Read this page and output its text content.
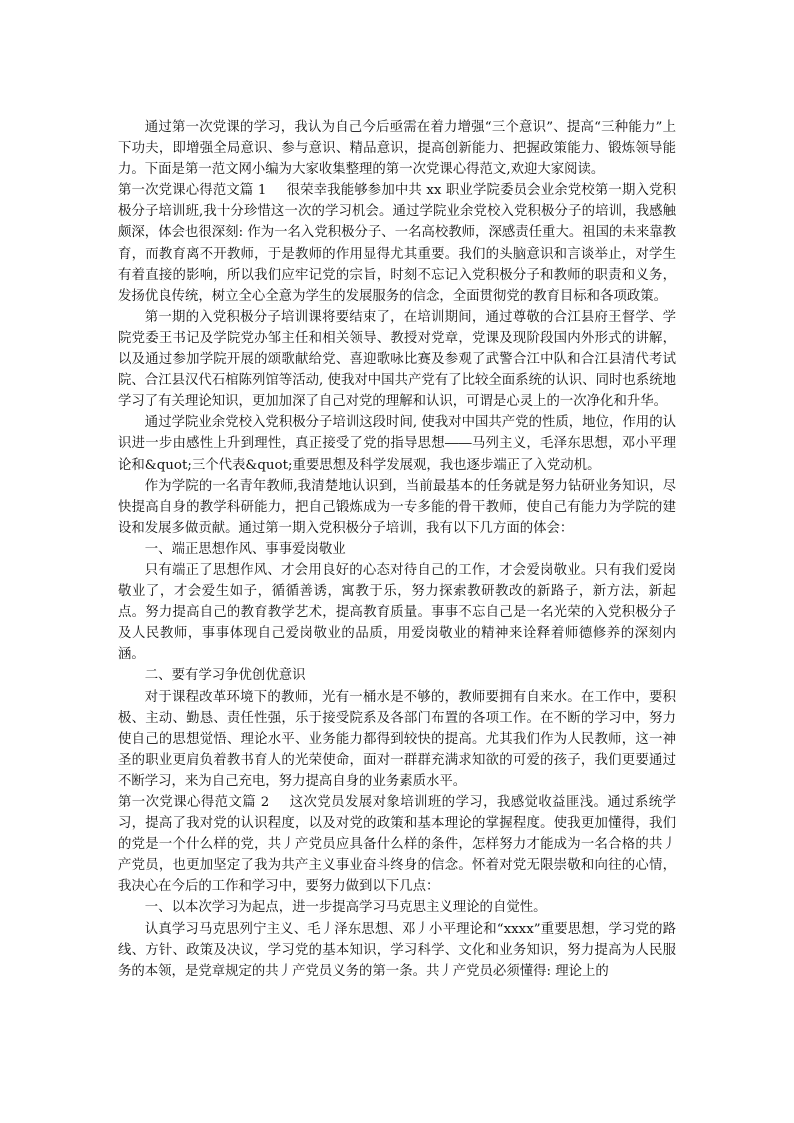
通过第一次党课的学习，我认为自己今后亟需在着力增强“三个意识”、提高“三种能力”上下功夫，即增强全局意识、参与意识、精品意识，提高创新能力、把握政策能力、锻炼领导能力。下面是第一范文网小编为大家收集整理的第一次党课心得范文,欢迎大家阅读。

第一次党课心得范文篇 1 很荣幸我能够参加中共 xx 职业学院委员会业余党校第一期入党积极分子培训班,我十分珍惜这一次的学习机会。通过学院业余党校入党积极分子的培训，我感触颇深，体会也很深刻: 作为一名入党积极分子、一名高校教师，深感责任重大。祖国的未来靠教育，而教育离不开教师，于是教师的作用显得尤其重要。我们的头脑意识和言谈举止，对学生有着直接的影响，所以我们应牢记党的宗旨，时刻不忘记入党积极分子和教师的职责和义务，发扬优良传统，树立全心全意为学生的发展服务的信念，全面贯彻党的教育目标和各项政策。

第一期的入党积极分子培训课将要结束了，在培训期间，通过尊敬的合江县府王督学、学院党委王书记及学院党办邹主任和相关领导、教授对党章，党课及现阶段国内外形式的讲解，以及通过参加学院开展的颂歌献给党、喜迎歌咏比赛及参观了武警合江中队和合江县清代考试院、合江县汉代石棺陈列馆等活动, 使我对中国共产党有了比较全面系统的认识、同时也系统地学习了有关理论知识，更加加深了自己对党的理解和认识，可谓是心灵上的一次净化和升华。

通过学院业余党校入党积极分子培训这段时间, 使我对中国共产党的性质，地位，作用的认识进一步由感性上升到理性，真正接受了党的指导思想――马列主义，毛泽东思想，邓小平理论和&quot;三个代表&quot;重要思想及科学发展观，我也逐步端正了入党动机。

作为学院的一名青年教师,我清楚地认识到，当前最基本的任务就是努力钻研业务知识，尽快提高自身的教学科研能力，把自己锻炼成为一专多能的骨干教师，使自己有能力为学院的建设和发展多做贡献。通过第一期入党积极分子培训，我有以下几方面的体会：

一、端正思想作风、事事爱岗敬业

只有端正了思想作风、才会用良好的心态对待自己的工作，才会爱岗敬业。只有我们爱岗敬业了，才会爱生如子，循循善诱，寓教于乐，努力探索教研教改的新路子，新方法，新起点。努力提高自己的教育教学艺术，提高教育质量。事事不忘自己是一名光荣的入党积极分子及人民教师，事事体现自己爱岗敬业的品质，用爱岗敬业的精神来诠释着师德修养的深刻内涵。

二、要有学习争优创优意识

对于课程改革环境下的教师，光有一桶水是不够的，教师要拥有自来水。在工作中，要积极、主动、勤恳、责任性强，乐于接受院系及各部门布置的各项工作。在不断的学习中，努力使自己的思想觉悟、理论水平、业务能力都得到较快的提高。尤其我们作为人民教师，这一神圣的职业更肩负着教书育人的光荣使命，面对一群群充满求知欲的可爱的孩子，我们更要通过不断学习，来为自己充电，努力提高自身的业务素质水平。

第一次党课心得范文篇 2 这次党员发展对象培训班的学习，我感觉收益匪浅。通过系统学习，提高了我对党的认识程度，以及对党的政策和基本理论的掌握程度。使我更加懂得，我们的党是一个什么样的党，共丿产党员应具备什么样的条件，怎样努力才能成为一名合格的共丿产党员，也更加坚定了我为共产主义事业奋斗终身的信念。怀着对党无限崇敬和向往的心情，我决心在今后的工作和学习中，要努力做到以下几点：

一、以本次学习为起点，进一步提高学习马克思主义理论的自觉性。

认真学习马克思列宁主义、毛丿泽东思想、邓丿小平理论和“xxxx”重要思想，学习党的路线、方针、政策及决议，学习党的基本知识，学习科学、文化和业务知识，努力提高为人民服务的本领，是党章规定的共丿产党员义务的第一条。共丿产党员必须懂得: 理论上的
